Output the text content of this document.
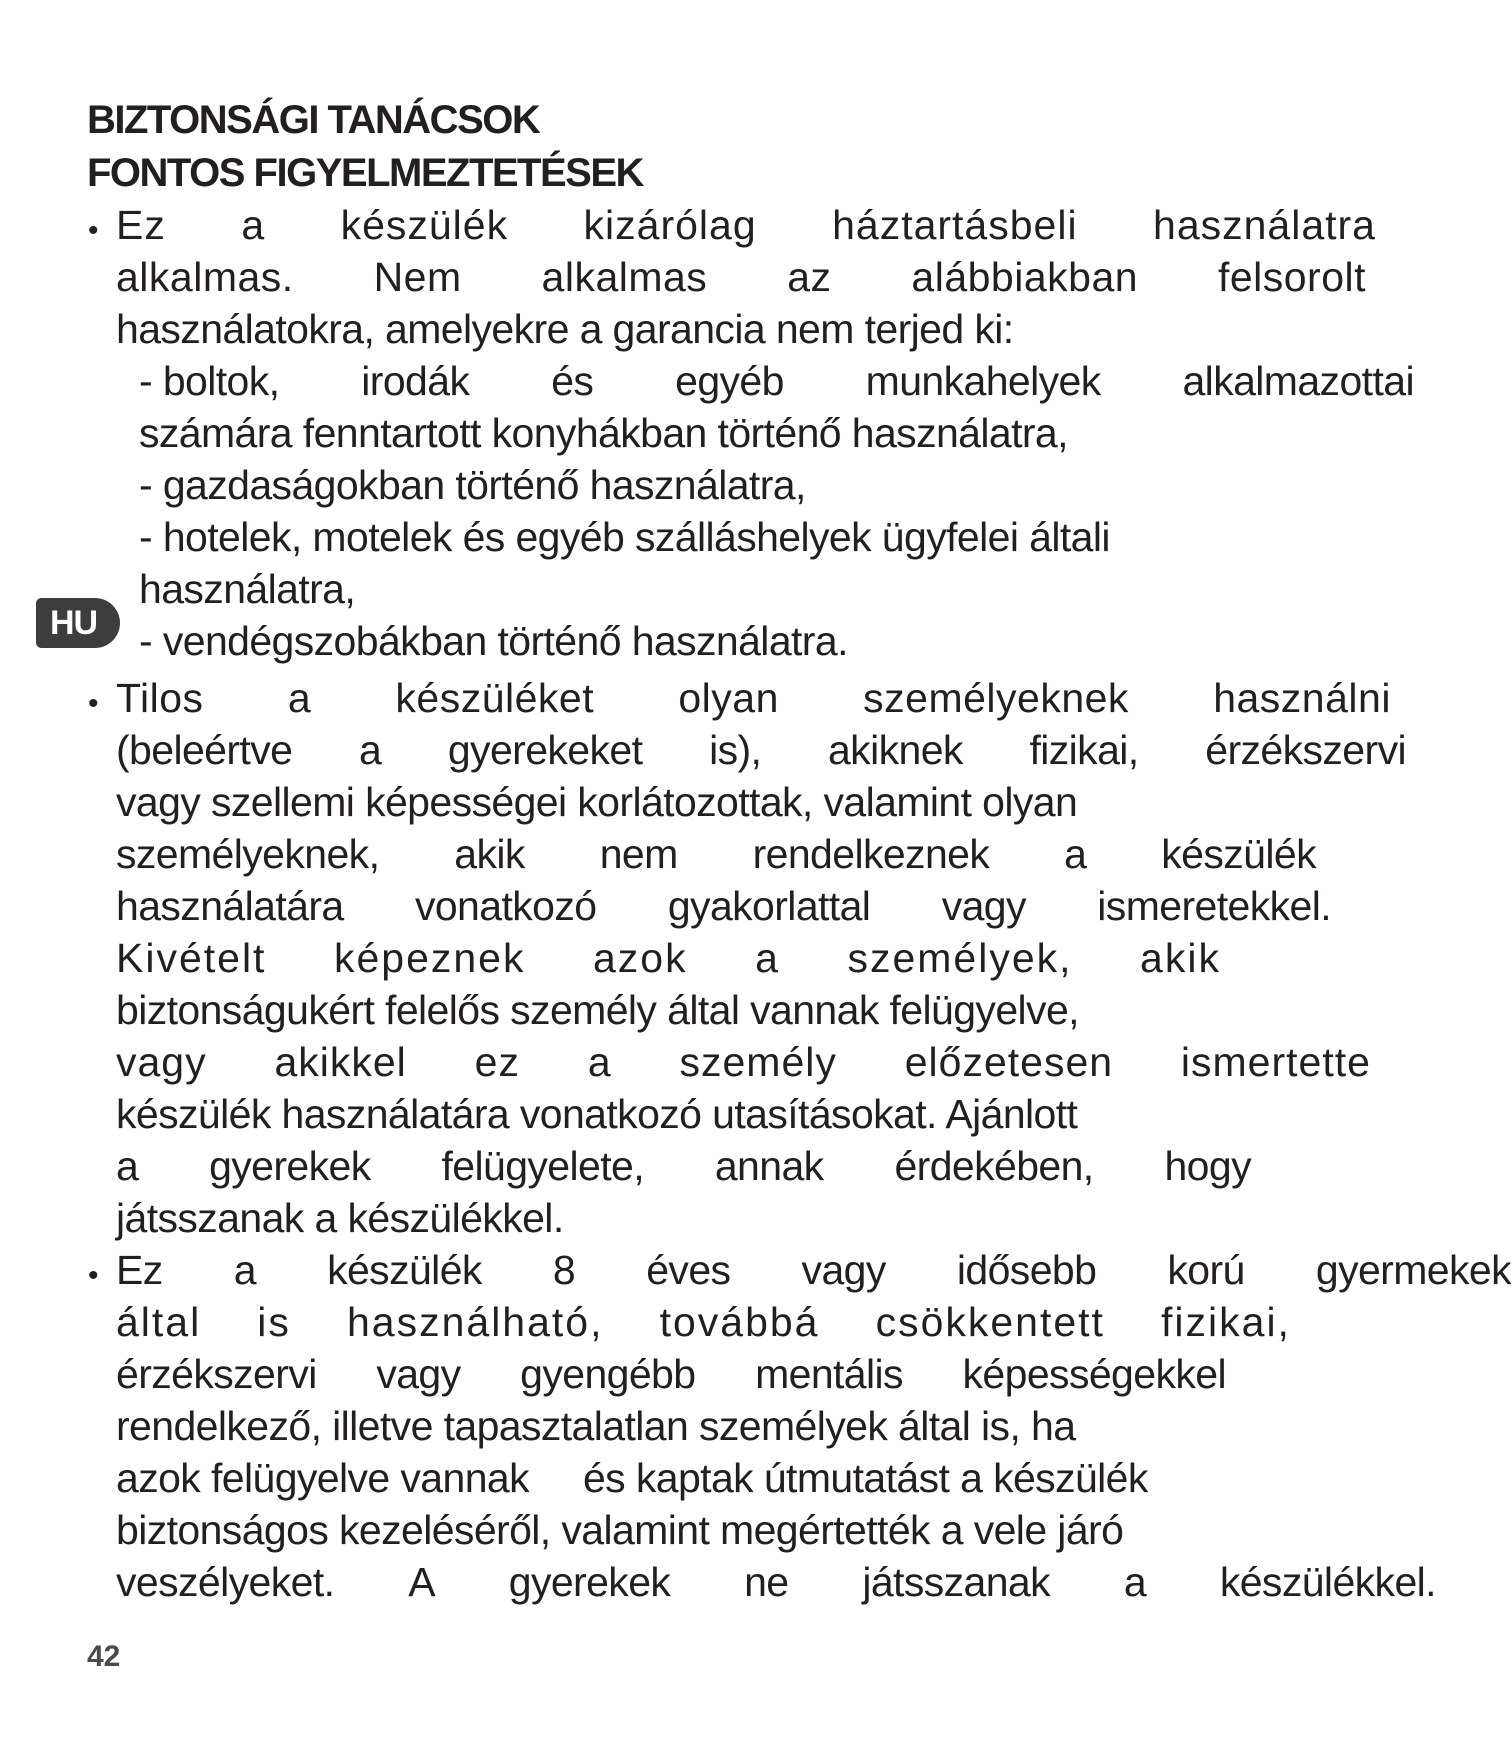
BIZTONSÁGI TANÁCSOK
FONTOS FIGYELMEZTETÉSEK
• Ez a készülék kizárólag háztartásbeli használatra
alkalmas. Nem alkalmas az alábbiakban felsorolt
használatokra, amelyekre a garancia nem terjed ki:
- boltok, irodák és egyéb munkahelyek alkalmazottai
számára fenntartott konyhákban történő használatra,
- gazdaságokban történő használatra,
- hotelek, motelek és egyéb szálláshelyek ügyfelei általi
használatra,
- vendégszobákban történő használatra.
• Tilos a készüléket olyan személyeknek használni
(beleértve a gyerekeket is), akiknek fizikai, érzékszervi
vagy szellemi képességei korlátozottak, valamint olyan
személyeknek, akik nem rendelkeznek a készülék
használatára vonatkozó gyakorlattal vagy ismeretekkel.
Kivételt képeznek azok a személyek, akik
biztonságukért felelős személy által vannak felügyelve,
vagy akikkel ez a személy előzetesen ismertette
készülék használatára vonatkozó utasításokat. Ajánlott
a gyerekek felügyelete, annak érdekében, hogy
játsszanak a készülékkel.
• Ez a készülék 8 éves vagy idősebb korú gyermekek
által is használható, továbbá csökkentett fizikai,
érzékszervi vagy gyengébb mentális képességekkel
rendelkező, illetve tapasztalatlan személyek által is, ha
azok felügyelve vannak     és kaptak útmutatást a készülék
biztonságos kezeléséről, valamint megértették a vele járó
veszélyeket. A gyerekek ne játsszanak a készülékkel.
HU
42
